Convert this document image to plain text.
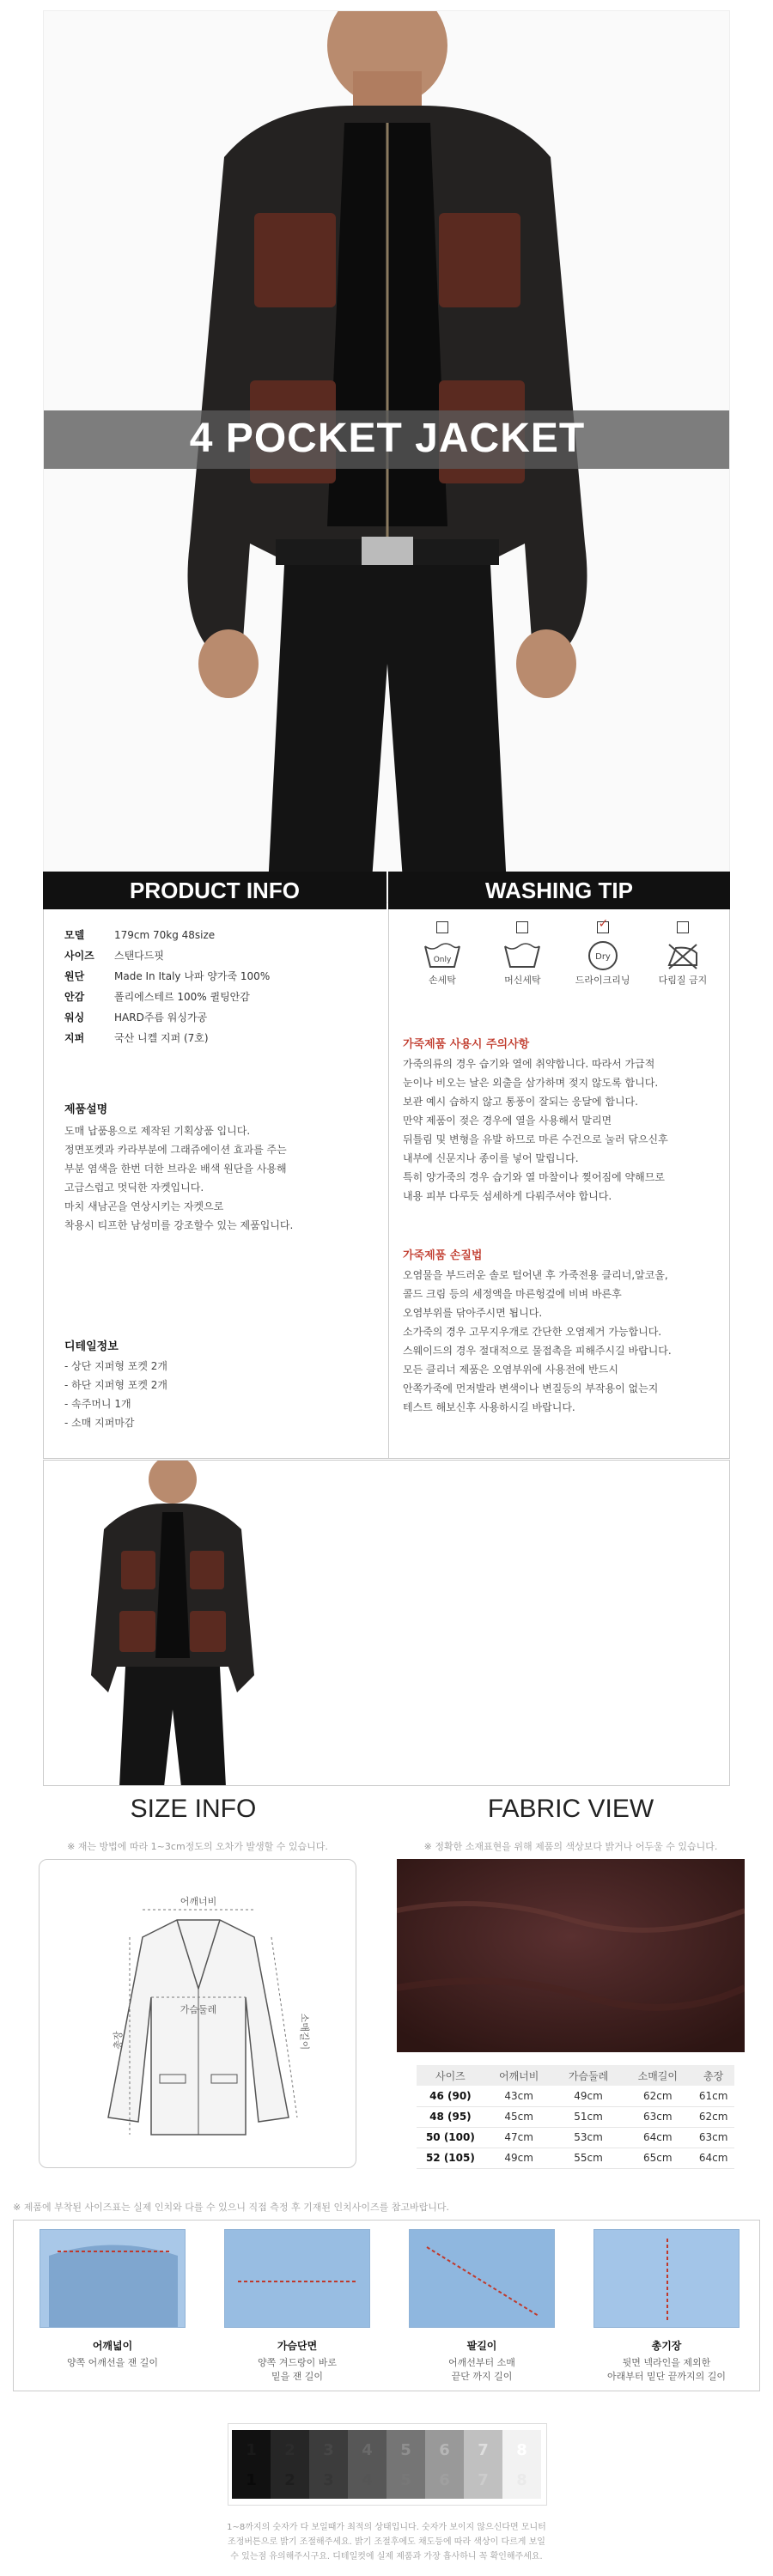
4 POCKET JACKET
PRODUCT INFO	WASHING TIP
모델	179cm 70kg 48size
사이즈	스탠다드핏
원단	Made In Italy 나파 양가죽 100%
안감	폴리에스테르 100% 퀼팅안감
워싱	HARD주름 워싱가공
지퍼	국산 니켈 지퍼 (7호)
제품설명
도매 납품용으로 제작된 기획상품 입니다.
정면포켓과 카라부분에 그래쥬에이션 효과를 주는
부분 염색을 한번 더한 브라운 배색 원단을 사용해
고급스럽고 멋딕한 자켓입니다.
마치 새남곤을 연상시키는 자켓으로
착용시 티프한 남성미를 강조할수 있는 제품입니다.
디테일정보
- 상단 지퍼형 포켓 2개
- 하단 지퍼형 포켓 2개
- 속주머니 1개
- 소매 지퍼마감
Only
손세탁	머신세탁
✓
Dry
드라이크리닝	다림질 금지
가죽제품 사용시 주의사항
가죽의류의 경우 습기와 열에 취약합니다. 따라서 가급적
눈이나 비오는 날은 외출을 삼가하며 젖지 않도록 합니다.
보관 예시 습하지 않고 통풍이 잘되는 응달에 합니다.
만약 제품이 젖은 경우에 열을 사용해서 말리면
뒤틀림 및 변형을 유발 하므로 마른 수건으로 눌러 닦으신후
내부에 신문지나 종이를 넣어 말립니다.
특히 양가죽의 경우 습기와 열 마찰이나 찢어짐에 약해므로
내용 피부 다루듯 섬세하게 다뤄주셔야 합니다.
가죽제품 손질법
오염물을 부드러운 솔로 털어낸 후 가죽전용 클리너,알코올,
콜드 크림 등의 세정액을 마른헝겊에 비벼 바른후
오염부위를 닦아주시면 됩니다.
소가죽의 경우 고무지우개로 간단한 오염제거 가능합니다.
스웨이드의 경우 절대적으로 물접촉을 피해주시길 바랍니다.
모든 클리너 제품은 오염부위에 사용전에 반드시
안쪽가죽에 먼저발라 변색이나 변질등의 부작용이 없는지
테스트 해보신후 사용하시길 바랍니다.
SIZE INFO	FABRIC VIEW
※ 재는 방법에 따라 1~3cm정도의 오차가 발생할 수 있습니다.	※ 정확한 소재표현을 위해 제품의 색상보다 밝거나 어두울 수 있습니다.
어깨너비
가슴둘레
소매길이
총장
사이즈	어깨너비	가슴둘레	소매길이	총장
46 (90)	43cm	49cm	62cm	61cm
48 (95)	45cm	51cm	63cm	62cm
50 (100)	47cm	53cm	64cm	63cm
52 (105)	49cm	55cm	65cm	64cm
※ 제품에 부착된 사이즈표는 실제 인치와 다를 수 있으니 직접 측정 후 기재된 인치사이즈를 참고바랍니다.
어깨넓이
양쪽 어깨선을 잰 길이
가슴단면
양쪽 겨드랑이 바로
밑을 잰 길이
팔길이
어깨선부터 소매
끝단 까지 길이
총기장
뒷면 넥라인을 제외한
아래부터 밑단 끝까지의 길이
1~8까지의 숫자가 다 보일때가 최적의 상태입니다. 숫자가 보이지 않으신다면 모니터
조정버튼으로 밝기 조절해주세요. 밝기 조절후에도 채도등에 따라 색상이 다르게 보일
수 있는점 유의해주시구요. 디테일컷에 실제 제품과 가장 흡사하니 꼭 확인해주세요.
1
1
2
2
3
3
4
4
5
5
6
6
7
7
8
8
